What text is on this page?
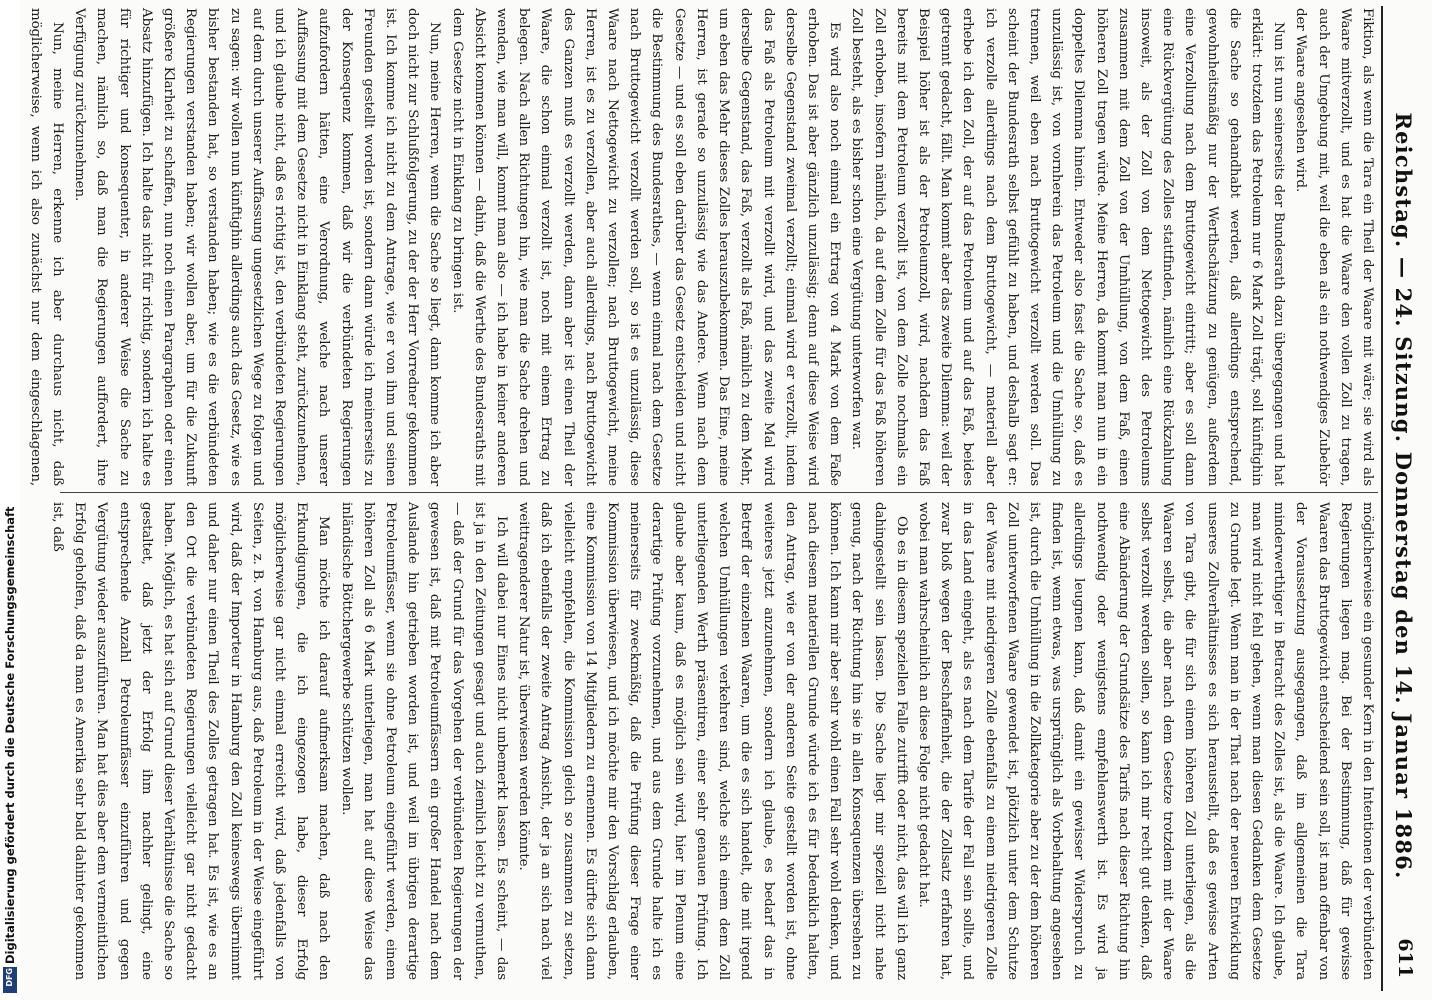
Reichstag. — 24. Sitzung. Donnerstag den 14. Januar 1886.
611

Fiktion, als wenn die Tara ein Theil der Waare mit wäre; sie wird als Waare mitverzollt, und es hat die Waare den vollen Zoll zu tragen, auch der Umgebung mit, weil die eben als ein nothwendiges Zubehör der Waare angesehen wird.

Nun ist nun seinerseits der Bundesrath dazu übergegangen und hat erklärt: trotzdem das Petroleum nur 6 Mark Zoll trägt, soll künftighin die Sache so gehandhabt werden, daß allerdings entsprechend, gewohnheitsmäßig nur der Werthschätzung zu genügen, außerdem eine Verzollung nach dem Bruttogewicht eintritt; aber es soll dann eine Rückvergütung des Zolles stattfinden, nämlich eine Rückzahlung insoweit, als der Zoll von dem Nettogewicht des Petroleums zusammen mit dem Zoll von der Umhüllung, von dem Faß, einen höheren Zoll tragen würde. Meine Herren, da kommt man nun in ein doppeltes Dilemma hinein. Entweder also fasst die Sache so, daß es unzulässig ist, von vornherein das Petroleum und die Umhüllung zu trennen, weil eben nach Bruttogewicht verzollt werden soll. Das scheint der Bundesrath selbst gefühlt zu haben, und deshalb sagt er: ich verzolle allerdings nach dem Bruttogewicht, — materiell aber erhebe ich den Zoll, der auf das Petroleum und auf das Faß, beides getrennt gedacht, fällt. Man kommt aber das zweite Dilemma: weil der Beispiel höher ist als der Petroleumzoll, wird, nachdem das Faß bereits mit dem Petroleum verzollt ist, von dem Zolle nochmals ein Zoll erhoben, insofern nämlich, da auf dem Zolle für das Faß höheren Zoll besteht, als es bisher schon eine Vergütung unterworfen war.

Es wird also noch einmal ein Ertrag von 4 Mark von dem Faße erhoben. Das ist aber gänzlich unzulässig; denn auf diese Weise wird derselbe Gegenstand zweimal verzollt; einmal wird er verzollt, indem das Faß als Petroleum mit verzollt wird, und das zweite Mal wird derselbe Gegenstand, das Faß, verzollt als Faß, nämlich zu dem Mehr, um eben das Mehr dieses Zolles herauszubekommen. Das Eine, meine Herren, ist gerade so unzulässig wie das Andere. Wenn nach dem Gesetze — und es soll eben darüber das Gesetz entscheiden und nicht die Bestimmung des Bundesrathes, — wenn einmal nach dem Gesetze nach Bruttogewicht verzollt werden soll, so ist es unzulässig, diese Waare nach Nettogewicht zu verzollen; nach Bruttogewicht, meine Herren, ist es zu verzollen, aber auch allerdings, nach Bruttogewicht des Ganzen muß es verzollt werden, dann aber ist einen Theil der Waare, die schon einmal verzollt ist, noch mit einem Ertrag zu belegen. Nach allen Richtungen hin, wie man die Sache drehen und wenden, wie man will, kommt man also — ich habe in keiner anderen Absicht kommen können — dahin, daß die Werthe des Bundesraths mit dem Gesetze nicht in Einklang zu bringen ist.

Nun, meine Herren, wenn die Sache so liegt, dann komme ich aber doch nicht zur Schlußfolgerung, zu der der Herr Vorredner gekommen ist. Ich komme ich nicht zu dem Antrage, wie er von ihm und seinen Freunden gestellt worden ist, sondern dann würde ich meinerseits zu der Konsequenz kommen, daß wir die verbündeten Regierungen aufzufordern hätten, eine Verordnung, welche nach unserer Auffassung mit dem Gesetze nicht in Einklang steht, zurückzunehmen, und ich glaube nicht, daß es richtig ist, den verbündeten Regierungen auf dem durch unserer Auffassung ungesetzlichen Wege zu folgen und zu sagen: wir wollen nun künftighin allerdings auch das Gesetz, wie es bisher bestanden hat, so verstanden haben; wie es die verbündeten Regierungen verstanden haben; wir wollen aber, um für die Zukunft größere Klarheit zu schaffen, nun noch einen Paragraphen oder einen Absatz hinzufügen. Ich halte das nicht für richtig, sondern ich halte es für richtiger und konsequenter, in anderer Weise die Sache zu machen, nämlich so, daß man die Regierungen auffordert, ihre Verfügung zurückzunehmen.

Nun, meine Herren, erkenne ich aber durchaus nicht, daß möglicherweise, wenn ich also zunächst nur dem eingeschlagenen,

möglicherweise ein gesunder Kern in den Intentionen der verbündeten Regierungen liegen mag. Bei der Bestimmung, daß für gewisse Waaren das Bruttogewicht entscheidend sein soll, ist man offenbar von der Voraussetzung ausgegangen, daß im allgemeinen die Tara minderwerthiger in Betracht des Zolles ist, als die Waare. Ich glaube, man wird nicht fehl gehen, wenn man diesen Gedanken dem Gesetze zu Grunde legt. Wenn man in der That nach der neueren Entwicklung unseres Zollverhältnisses es sich herausstellt, daß es gewisse Arten von Tara gibt, die für sich einem höheren Zoll unterliegen, als die Waaren selbst, die aber nach dem Gesetze trotzdem mit der Waare selbst verzollt werden sollen, so kann ich mir recht gut denken, daß eine Abänderung der Grundsätze des Tarifs nach dieser Richtung hin nothwendig oder wenigstens empfehlenswerth ist. Es wird ja allerdings leugnen kann, daß damit ein gewisser Widerspruch zu finden ist, wenn etwas, was ursprünglich als Vorbehaltung angesehen ist, durch die Umhüllung in die Zollkategorie aber zu der dem höheren Zoll unterworfenen Waare gewendet ist, plötzlich unter dem Schutze der Waare mit niedrigeren Zolle ebenfalls zu einem niedrigeren Zolle in das Land eingeht, als es nach dem Tarife der Fall sein sollte, und zwar bloß wegen der Beschaffenheit, die der Zollsatz erfahren hat, wobei man wahrscheinlich an diese Folge nicht gedacht hat.

Ob es in diesem speziellen Falle zutrifft oder nicht, das will ich ganz dahingestellt sein lassen. Die Sache liegt mir speziell nicht nahe genug, nach der Richtung hin sie in allen Konsequenzen übersehen zu können. Ich kann mir aber sehr wohl einen Fall sehr wohl denken, und nach diesem materiellen Grunde würde ich es für bedenklich halten, den Antrag, wie er von der anderen Seite gestellt worden ist, ohne weiteres jetzt anzunehmen, sondern ich glaube, es bedarf das in Betreff der einzelnen Waaren, um die es sich handelt, die mit irgend welchen Umhüllungen verkehren sind, welche sich einem dem Zoll unterliegenden Werth präsentiren, einer sehr genauen Prüfung. Ich glaube aber kaum, daß es möglich sein wird, hier im Plenum eine derartige Prüfung vorzunehmen, und aus dem Grunde halte ich es meinerseits für zweckmäßig, daß die Prüfung dieser Frage einer Kommission überwiesen, und ich möchte mir den Vorschlag erlauben, eine Kommission von 14 Mitgliedern zu ernennen. Es dürfte sich dann vielleicht empfehlen, die Kommission gleich so zusammen zu setzen, daß ich ebenfalls der zweite Antrag Ansicht, der ja an sich nach viel weittragenderer Natur ist, überwiesen werden könnte.

Ich will dabei nur Eines nicht unbemerkt lassen. Es scheint, — das ist ja in den Zeitungen gesagt und auch ziemlich leicht zu vermuthen, — daß der Grund für das Vorgehen der verbündeten Regierungen der gewesen ist, daß mit Petroleumfässern ein großer Handel nach dem Auslande hin getrieben worden ist, und weil im übrigen derartige Petroleumfässer, wenn sie ohne Petroleum eingeführt werden, einem höheren Zoll als 6 Mark unterliegen, man hat auf diese Weise das inländische Böttchergewerbe schützen wollen.

Man möchte ich darauf aufmerksam machen, daß nach den Erkundigungen, die ich eingezogen habe, dieser Erfolg möglicherweise gar nicht einmal erreicht wird, daß jedenfalls von Seiten, z. B. von Hamburg aus, daß Petroleum in der Weise eingeführt wird, daß der Importeur in Hamburg den Zoll keineswegs übernimmt und daher nur einen Theil des Zolles getragen hat. Es ist, wie es an den Ort die verbündeten Regierungen vielleicht gar nicht gedacht haben. Möglich, es hat sich auf Grund dieser Verhältnisse die Sache so gestaltet, daß jetzt der Erfolg ihm nachher gelingt, eine entsprechende Anzahl Petroleumfässer einzuführen und gegen Vergütung wieder auszuführen. Man hat dies aber dem vermeintlichen Erfolg geholfen, daß da man es Amerika sehr bald dahinter gekommen ist, daß

Digitalisierung gefördert durch die Deutsche Forschungsgemeinschaft
DFG
